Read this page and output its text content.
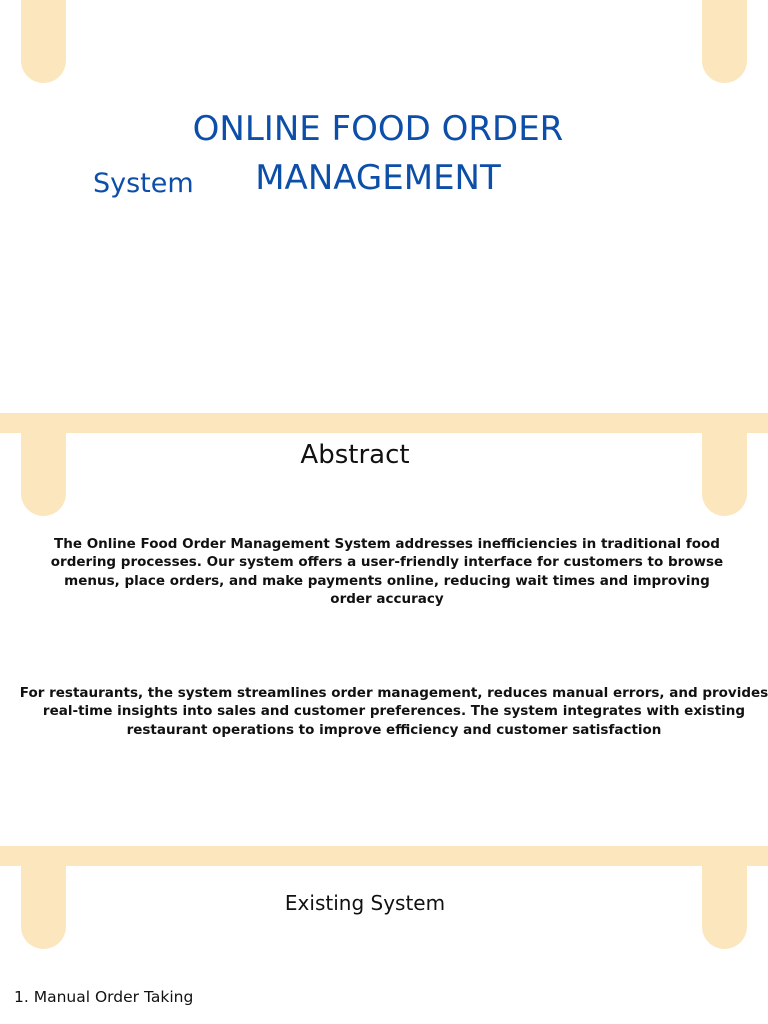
ONLINE FOOD ORDER
MANAGEMENT
System
Abstract
The Online Food Order Management System addresses inefficiencies in traditional food ordering processes. Our system offers a user-friendly interface for customers to browse menus, place orders, and make payments online, reducing wait times and improving order accuracy
For restaurants, the system streamlines order management, reduces manual errors, and provides real-time insights into sales and customer preferences. The system integrates with existing restaurant operations to improve efficiency and customer satisfaction
Existing System
1. Manual Order Taking
